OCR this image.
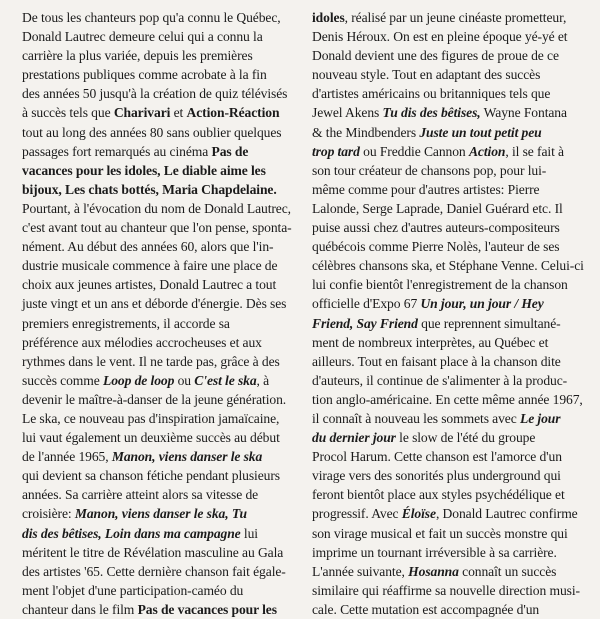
De tous les chanteurs pop qu'a connu le Québec,
Donald Lautrec demeure celui qui a connu la
carrière la plus variée, depuis les premières
prestations publiques comme acrobate à la fin
des années 50 jusqu'à la création de quiz télévisés
à succès tels que Charivari et Action-Réaction
tout au long des années 80 sans oublier quelques
passages fort remarqués au cinéma Pas de
vacances pour les idoles, Le diable aime les
bijoux, Les chats bottés, Maria Chapdelaine.
Pourtant, à l'évocation du nom de Donald Lautrec,
c'est avant tout au chanteur que l'on pense, sponta-
nément. Au début des années 60, alors que l'in-
dustrie musicale commence à faire une place de
choix aux jeunes artistes, Donald Lautrec a tout
juste vingt et un ans et déborde d'énergie. Dès ses
premiers enregistrements, il accorde sa
préférence aux mélodies accrocheuses et aux
rythmes dans le vent. Il ne tarde pas, grâce à des
succès comme Loop de loop ou C'est le ska, à
devenir le maître-à-danser de la jeune génération.
Le ska, ce nouveau pas d'inspiration jamaïcaine,
lui vaut également un deuxième succès au début
de l'année 1965, Manon, viens danser le ska
qui devient sa chanson fétiche pendant plusieurs
années. Sa carrière atteint alors sa vitesse de
croisière: Manon, viens danser le ska, Tu
dis des bêtises, Loin dans ma campagne lui
méritent le titre de Révélation masculine au Gala
des artistes '65. Cette dernière chanson fait égale-
ment l'objet d'une participation-caméo du
chanteur dans le film Pas de vacances pour les
idoles, réalisé par un jeune cinéaste prometteur,
Denis Héroux. On est en pleine époque yé-yé et
Donald devient une des figures de proue de ce
nouveau style. Tout en adaptant des succès
d'artistes américains ou britanniques tels que
Jewel Akens Tu dis des bêtises, Wayne Fontana
& the Mindbenders Juste un tout petit peu
trop tard ou Freddie Cannon Action, il se fait à
son tour créateur de chansons pop, pour lui-
même comme pour d'autres artistes: Pierre
Lalonde, Serge Laprade, Daniel Guérard etc. Il
puise aussi chez d'autres auteurs-compositeurs
québécois comme Pierre Nolès, l'auteur de ses
célèbres chansons ska, et Stéphane Venne. Celui-ci
lui confie bientôt l'enregistrement de la chanson
officielle d'Expo 67 Un jour, un jour / Hey
Friend, Say Friend que reprennent simultané-
ment de nombreux interprètes, au Québec et
ailleurs. Tout en faisant place à la chanson dite
d'auteurs, il continue de s'alimenter à la produc-
tion anglo-américaine. En cette même année 1967,
il connaît à nouveau les sommets avec Le jour
du dernier jour le slow de l'été du groupe
Procol Harum. Cette chanson est l'amorce d'un
virage vers des sonorités plus underground qui
feront bientôt place aux styles psychédélique et
progressif. Avec Éloïse, Donald Lautrec confirme
son virage musical et fait un succès monstre qui
imprime un tournant irréversible à sa carrière.
L'année suivante, Hosanna connaît un succès
similaire qui réaffirme sa nouvelle direction musi-
cale. Cette mutation est accompagnée d'un
